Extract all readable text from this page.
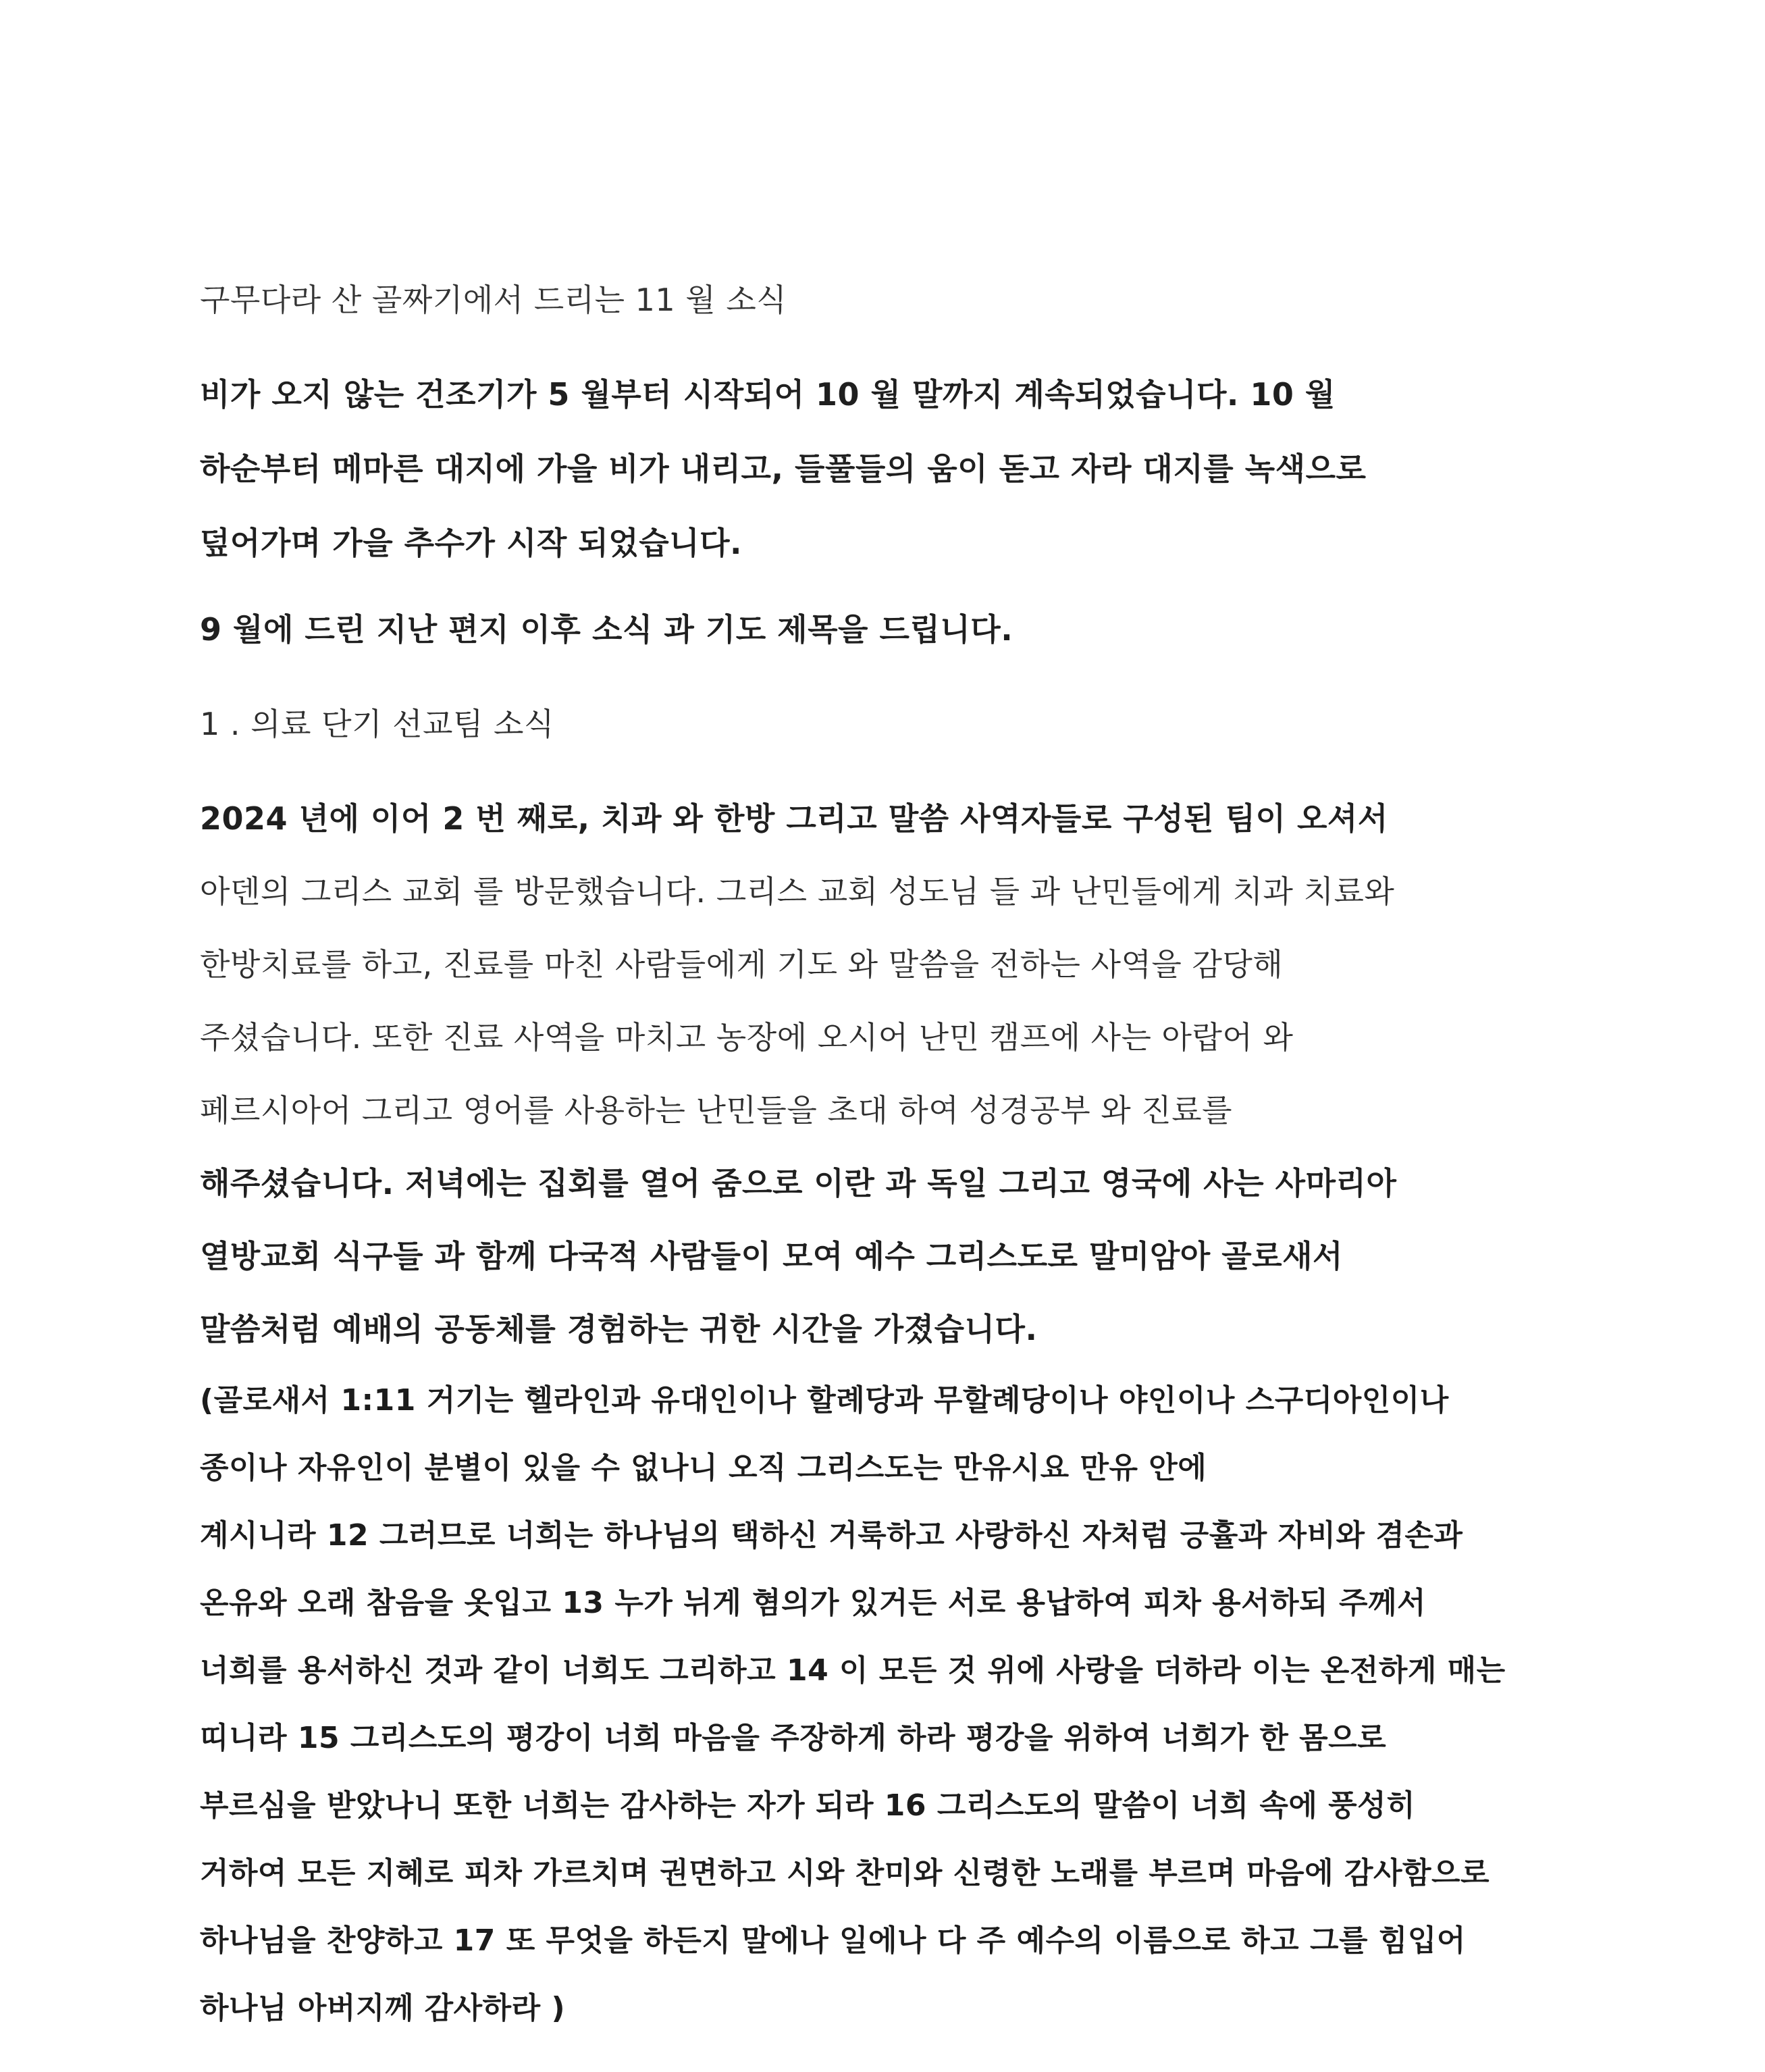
구무다라 산 골짜기에서 드리는 11 월 소식
비가 오지 않는 건조기가 5 월부터 시작되어 10 월 말까지 계속되었습니다. 10 월
하순부터 메마른 대지에 가을 비가 내리고, 들풀들의 움이 돋고 자라 대지를 녹색으로
덮어가며 가을 추수가 시작 되었습니다.
9 월에 드린 지난 편지 이후 소식 과 기도 제목을 드립니다.
1 . 의료 단기 선교팀 소식
2024 년에 이어 2 번 째로, 치과 와 한방 그리고 말씀 사역자들로 구성된 팀이 오셔서
아덴의 그리스 교회 를 방문했습니다. 그리스 교회 성도님 들 과 난민들에게 치과 치료와
한방치료를 하고, 진료를 마친 사람들에게 기도 와 말씀을 전하는 사역을 감당해
주셨습니다. 또한 진료 사역을 마치고 농장에 오시어 난민 캠프에 사는 아랍어 와
페르시아어 그리고 영어를 사용하는 난민들을 초대 하여 성경공부 와 진료를
해주셨습니다. 저녁에는 집회를 열어 줌으로 이란 과 독일 그리고 영국에 사는 사마리아
열방교회 식구들 과 함께 다국적 사람들이 모여 예수 그리스도로 말미암아 골로새서
말씀처럼 예배의 공동체를 경험하는 귀한 시간을 가졌습니다.
(골로새서 1:11 거기는 헬라인과 유대인이나 할례당과 무할례당이나 야인이나 스구디아인이나
종이나 자유인이 분별이 있을 수 없나니 오직 그리스도는 만유시요 만유 안에
계시니라 12 그러므로 너희는 하나님의 택하신 거룩하고 사랑하신 자처럼 긍휼과 자비와 겸손과
온유와 오래 참음을 옷입고 13 누가 뉘게 혐의가 있거든 서로 용납하여 피차 용서하되 주께서
너희를 용서하신 것과 같이 너희도 그리하고 14 이 모든 것 위에 사랑을 더하라 이는 온전하게 매는
띠니라 15 그리스도의 평강이 너희 마음을 주장하게 하라 평강을 위하여 너희가 한 몸으로
부르심을 받았나니 또한 너희는 감사하는 자가 되라 16 그리스도의 말씀이 너희 속에 풍성히
거하여 모든 지혜로 피차 가르치며 권면하고 시와 찬미와 신령한 노래를 부르며 마음에 감사함으로
하나님을 찬양하고 17 또 무엇을 하든지 말에나 일에나 다 주 예수의 이름으로 하고 그를 힘입어
하나님 아버지께 감사하라 )
